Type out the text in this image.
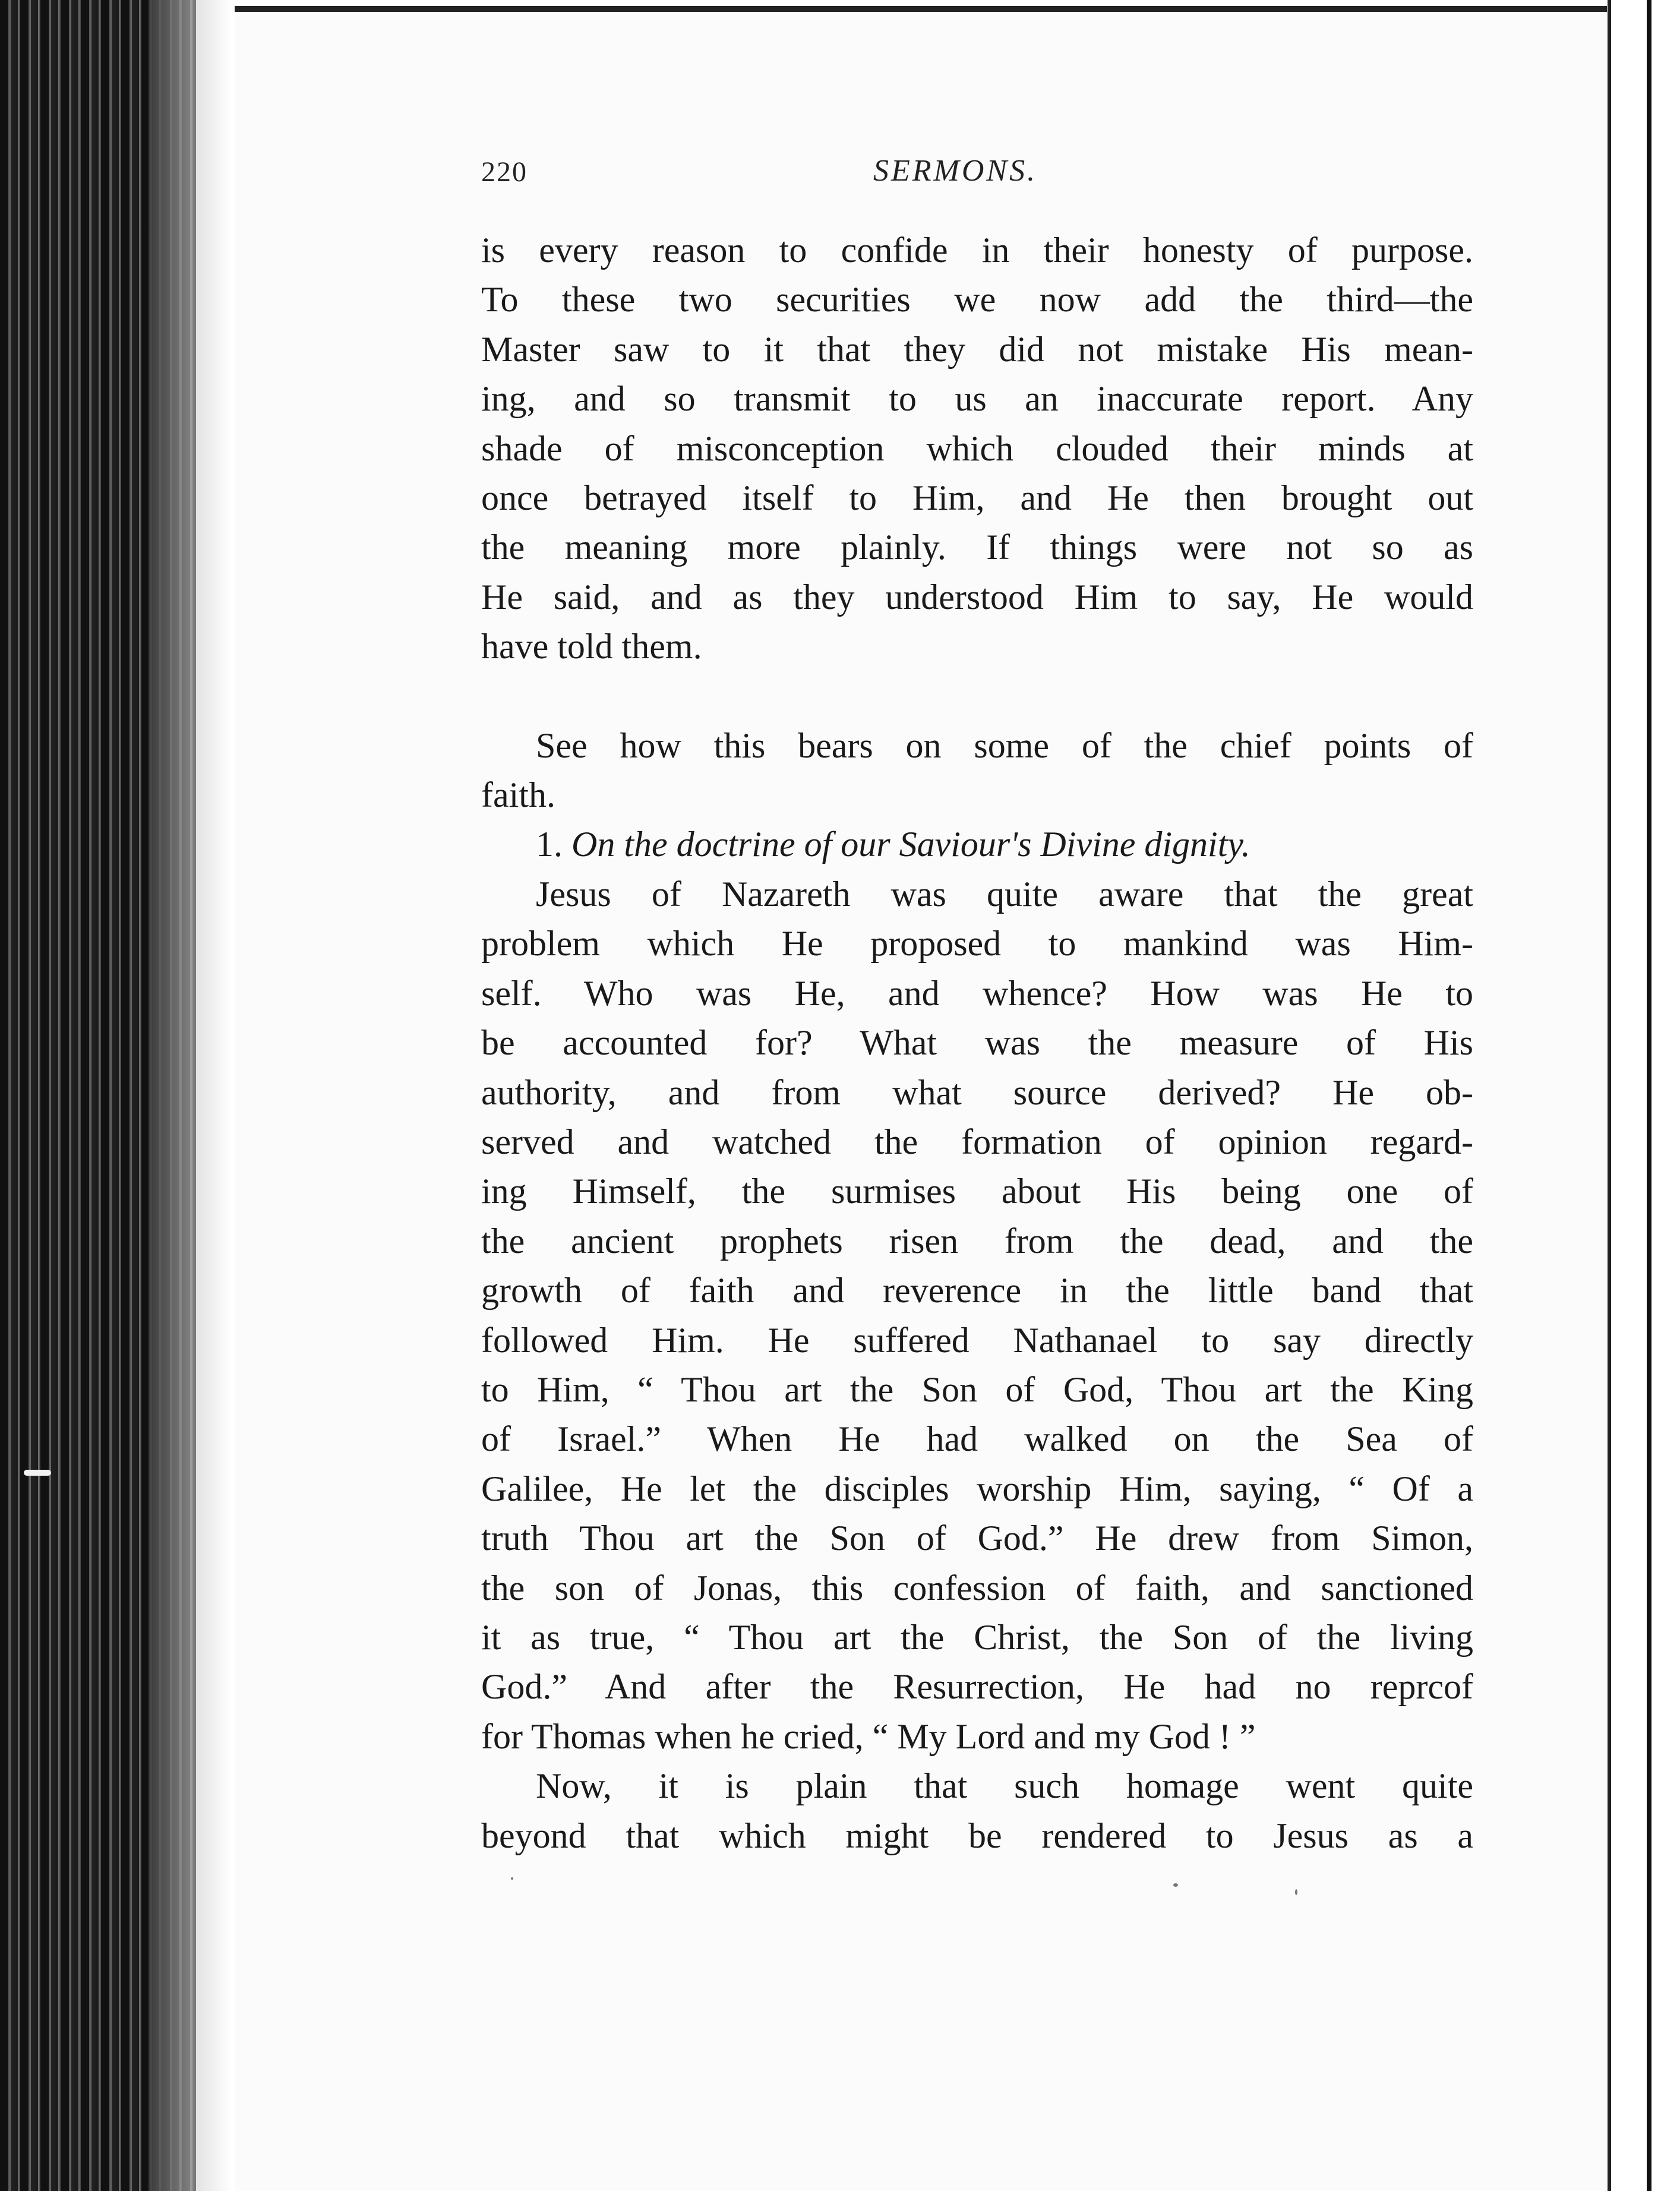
220	SERMONS.

is every reason to confide in their honesty of purpose.
To these two securities we now add the third—the
Master saw to it that they did not mistake His mean-
ing, and so transmit to us an inaccurate report. Any
shade of misconception which clouded their minds at
once betrayed itself to Him, and He then brought out
the meaning more plainly. If things were not so as
He said, and as they understood Him to say, He would
have told them.

See how this bears on some of the chief points of
faith.

1. On the doctrine of our Saviour's Divine dignity.

Jesus of Nazareth was quite aware that the great
problem which He proposed to mankind was Him-
self. Who was He, and whence? How was He to
be accounted for? What was the measure of His
authority, and from what source derived? He ob-
served and watched the formation of opinion regard-
ing Himself, the surmises about His being one of
the ancient prophets risen from the dead, and the
growth of faith and reverence in the little band that
followed Him. He suffered Nathanael to say directly
to Him, “ Thou art the Son of God, Thou art the King
of Israel.” When He had walked on the Sea of
Galilee, He let the disciples worship Him, saying, “ Of a
truth Thou art the Son of God.” He drew from Simon,
the son of Jonas, this confession of faith, and sanctioned
it as true, “ Thou art the Christ, the Son of the living
God.” And after the Resurrection, He had no reprcof
for Thomas when he cried, “ My Lord and my God ! ”

Now, it is plain that such homage went quite
beyond that which might be rendered to Jesus as a
